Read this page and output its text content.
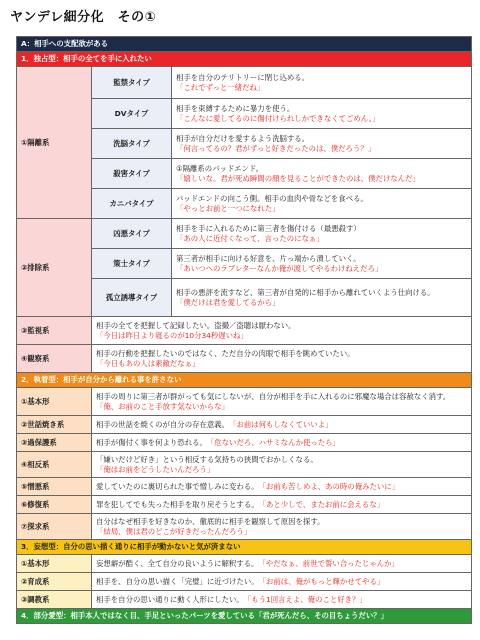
ヤンデレ細分化　その①
A：相手への支配欲がある		
1．独占型：相手の全てを手に入れたい		
①隔離系	監禁タイプ	相手を自分のテリトリーに閉じ込める。
「これでずっと一緒だね」

	DVタイプ	相手を束縛するために暴力を使う。
「こんなに愛してるのに傷付けられしかできなくてごめん。」

	洗脳タイプ	相手が自分だけを愛するよう洗脳する。
「何言ってるの？君がずっと好きだったのは、僕だろう？」

	殺害タイプ	①隔離系のバッドエンド。
「嬉しいな。君が死ぬ瞬間の顔を見ることができたのは、僕だけなんだ」

	カニバタイプ	バッドエンドの向こう側。相手の血肉や骨などを食べる。
「やっとお前と一つになれた」

②排除系	凶悪タイプ	相手を手に入れるために第三者を傷付ける（最悪殺す）
「あの人に近付くなって、言ったのになぁ」

	策士タイプ	第三者が相手に向ける好意を、片っ端から潰していく。
「あいつへのラブレターなんか俺が渡してやるわけねえだろ」

	孤立誘導タイプ	相手の悪評を流すなど、第三者が自発的に相手から離れていくよう仕向ける。
「僕だけは君を愛してるから」

③監視系	相手の全てを把握して記録したい。盗撮／盗聴は厭わない。
「今日は昨日より寝るのが10分34秒遅いね」	

④観察系	相手の行動を把握したいのではなく、ただ自分の肉眼で相手を眺めていたい。
「今日もあの人は素敵だなぁ」	

2．執着型：相手が自分から離れる事を許さない		
①基本形	相手の周りに第三者が群がっても気にしないが、自分が相手を手に入れるのに邪魔な場合は容赦なく消す。「俺、お前のこと手放す気ないからな」	
②世話焼き系	相手の世話を焼くのが自分の存在意義。　 「お前は何もしなくていいよ」	
③過保護系	相手が傷付く事を何より恐れる。　 「危ないだろ、ハサミなんか使ったら」	
④相反系	「嫌いだけど好き」という相反する気持ちの狭間でおかしくなる。
「俺はお前をどうしたいんだろう」	

⑤憎悪系	愛していたのに裏切られた事で憎しみに変わる。　 「お前も苦しめよ、あの時の俺みたいに」	
⑥修復系	罪を犯してでも失った相手を取り戻そうとする。　 「あと少しで、またお前に会えるな」	
⑦探求系	自分はなぜ相手を好きなのか、徹底的に相手を観察して原因を探す。
「結局、僕は君のどこが好きだったんだろう」	

3．妄想型：自分の思い描く通りに相手が動かないと気が済まない		
①基本形	妄想癖が酷く、全て自分の良いように解釈する。　 「やだなぁ、前世で誓い合ったじゃんか」	
②育成系	相手を、自分の思い描く「完璧」に近づけたい。　 「お前は、俺がもっと輝かせてやる」	
③調教系	相手を自分の思い通りに動く人形にしたい。　 「もう1回言えよ、俺のこと好き？」	
4．部分愛型：相手本人ではなく目、手足といったパーツを愛している「君が死んだら、その目ちょうだい？」		
